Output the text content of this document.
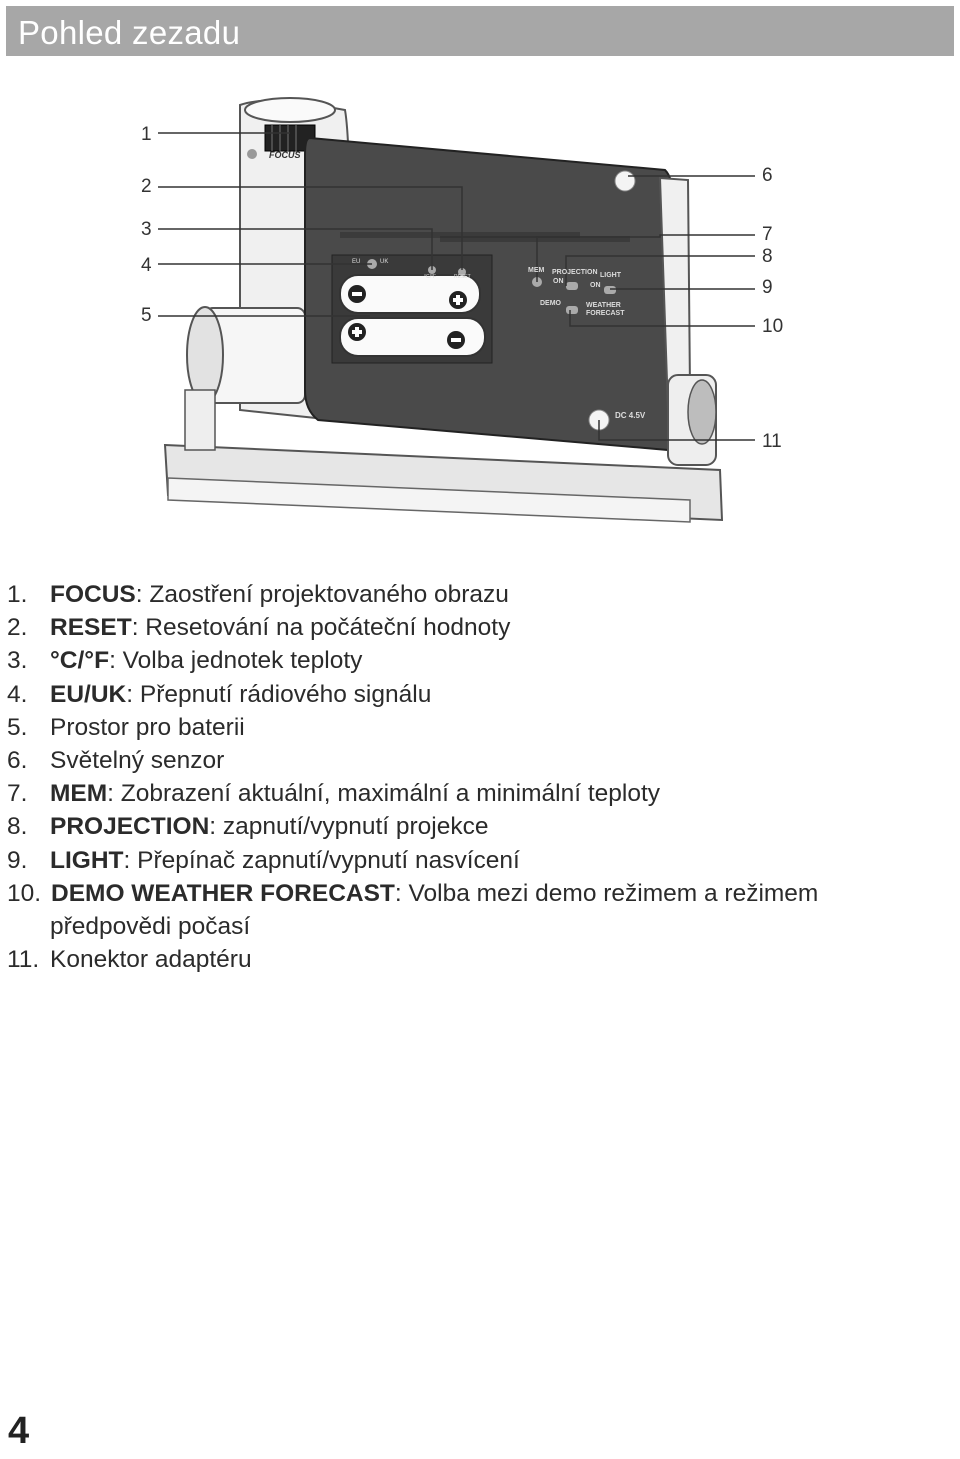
Pohled zezadu
FOCUS
EU	UK
°C/°F	RESET
MEM PROJECTION LIGHT
ON
ON
DEMO	WEATHER
FORECAST
DC 4.5V
1
2
3
4
5
6
7
8
9
10
11
1. FOCUS: Zaostření projektovaného obrazu
2. RESET: Resetování na počáteční hodnoty
3. °C/°F: Volba jednotek teploty
4. EU/UK: Přepnutí rádiového signálu
5. Prostor pro baterii
6. Světelný senzor
7. MEM: Zobrazení aktuální, maximální a minimální teploty
8. PROJECTION: zapnutí/vypnutí projekce
9. LIGHT: Přepínač zapnutí/vypnutí nasvícení
10. DEMO WEATHER FORECAST: Volba mezi demo režimem a režimem
předpovědi počasí
11. Konektor adaptéru
4
